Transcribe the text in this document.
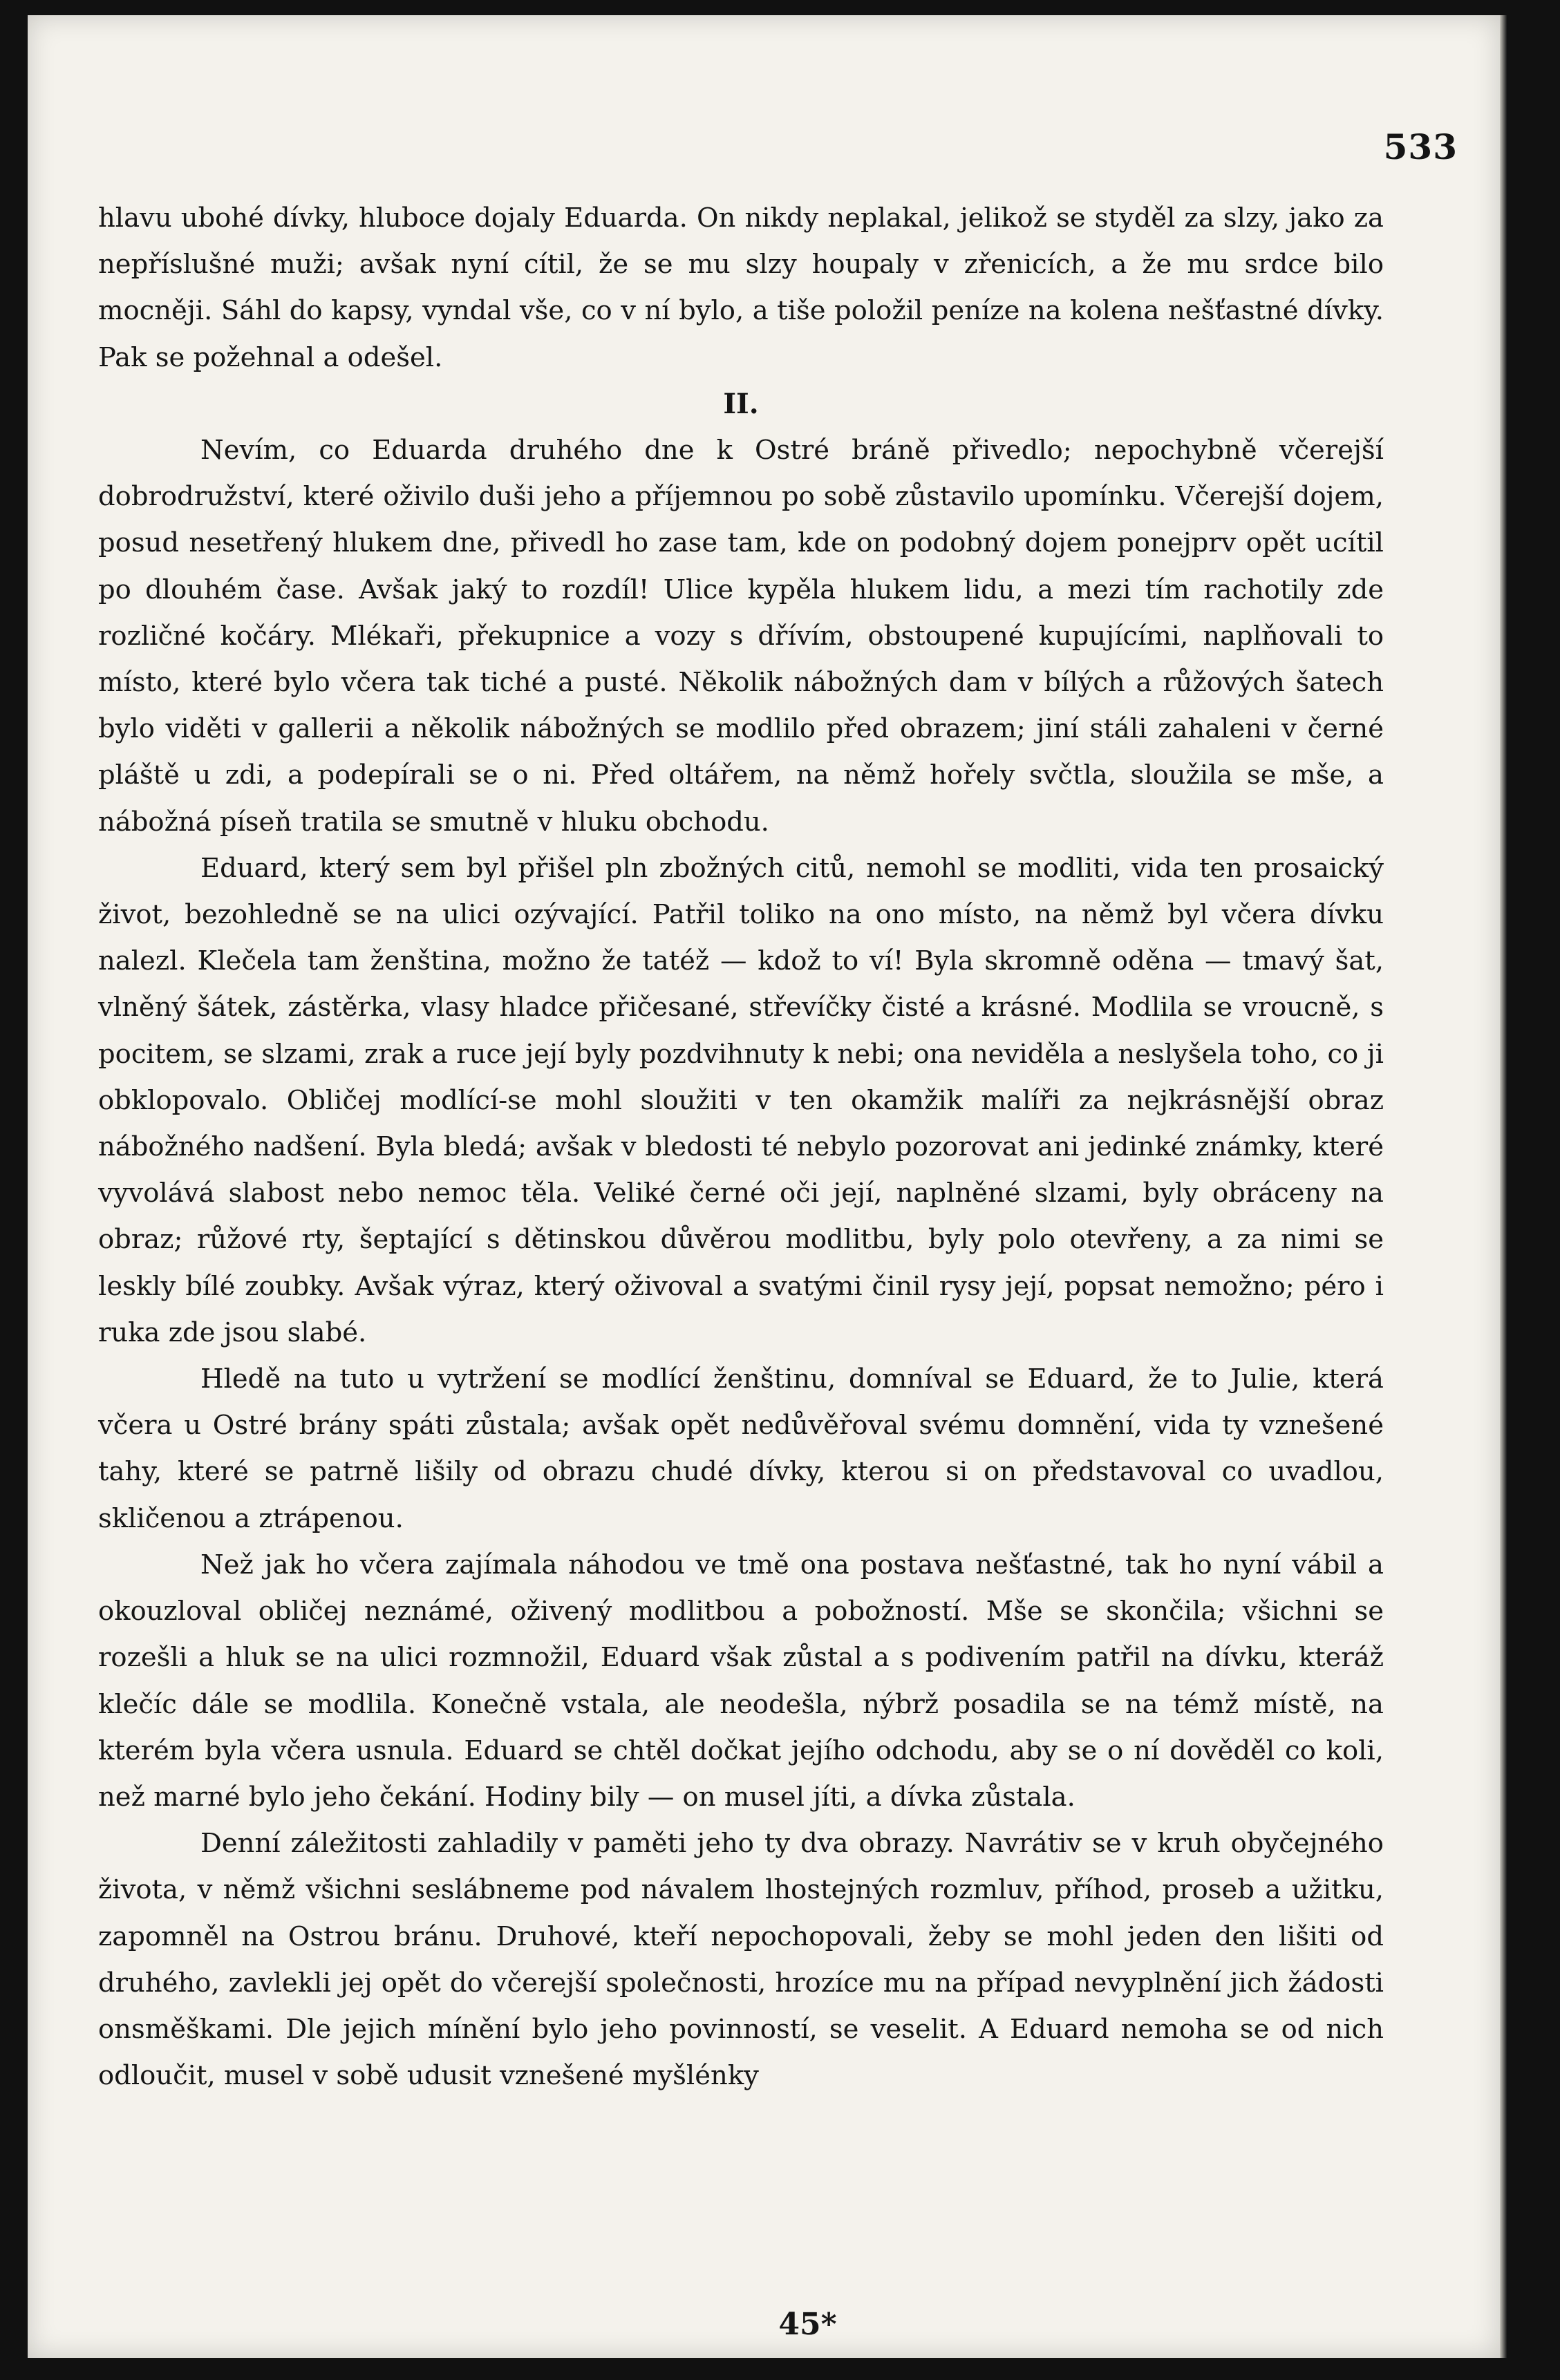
533

hlavu ubohé dívky, hluboce dojaly Eduarda. On nikdy neplakal, jelikož se styděl za slzy, jako za nepříslušné muži; avšak nyní cítil, že se mu slzy houpaly v zřenicích, a že mu srdce bilo mocněji. Sáhl do kapsy, vyndal vše, co v ní bylo, a tiše položil peníze na kolena nešťastné dívky. Pak se požehnal a odešel.

II.

Nevím, co Eduarda druhého dne k Ostré bráně přivedlo; nepochybně včerejší dobrodružství, které oživilo duši jeho a příjemnou po sobě zůstavilo upomínku. Včerejší dojem, posud nesetřený hlukem dne, přivedl ho zase tam, kde on podobný dojem ponejprv opět ucítil po dlouhém čase. Avšak jaký to rozdíl! Ulice kypěla hlukem lidu, a mezi tím rachotily zde rozličné kočáry. Mlékaři, překupnice a vozy s dřívím, obstoupené kupujícími, naplňovali to místo, které bylo včera tak tiché a pusté. Několik nábožných dam v bílých a růžových šatech bylo viděti v gallerii a několik nábožných se modlilo před obrazem; jiní stáli zahaleni v černé pláště u zdi, a podepírali se o ni. Před oltářem, na němž hořely svčtla, sloužila se mše, a nábožná píseň tratila se smutně v hluku obchodu.

Eduard, který sem byl přišel pln zbožných citů, nemohl se modliti, vida ten prosaický život, bezohledně se na ulici ozývající. Patřil toliko na ono místo, na němž byl včera dívku nalezl. Klečela tam ženština, možno že tatéž — kdož to ví! Byla skromně oděna — tmavý šat, vlněný šátek, zástěrka, vlasy hladce přičesané, střevíčky čisté a krásné. Modlila se vroucně, s pocitem, se slzami, zrak a ruce její byly pozdvihnuty k nebi; ona neviděla a neslyšela toho, co ji obklopovalo. Obličej modlící-se mohl sloužiti v ten okamžik malíři za nejkrásnější obraz nábožného nadšení. Byla bledá; avšak v bledosti té nebylo pozorovat ani jedinké známky, které vyvolává slabost nebo nemoc těla. Veliké černé oči její, naplněné slzami, byly obráceny na obraz; růžové rty, šeptající s dětinskou důvěrou modlitbu, byly polo otevřeny, a za nimi se leskly bílé zoubky. Avšak výraz, který oživoval a svatými činil rysy její, popsat nemožno; péro i ruka zde jsou slabé.

Hledě na tuto u vytržení se modlící ženštinu, domníval se Eduard, že to Julie, která včera u Ostré brány spáti zůstala; avšak opět nedůvěřoval svému domnění, vida ty vznešené tahy, které se patrně lišily od obrazu chudé dívky, kterou si on představoval co uvadlou, skličenou a ztrápenou.

Než jak ho včera zajímala náhodou ve tmě ona postava nešťastné, tak ho nyní vábil a okouzloval obličej neznámé, oživený modlitbou a pobožností. Mše se skončila; všichni se rozešli a hluk se na ulici rozmnožil, Eduard však zůstal a s podivením patřil na dívku, kteráž klečíc dále se modlila. Konečně vstala, ale neodešla, nýbrž posadila se na témž místě, na kterém byla včera usnula. Eduard se chtěl dočkat jejího odchodu, aby se o ní dověděl co koli, než marné bylo jeho čekání. Hodiny bily — on musel jíti, a dívka zůstala.

Denní záležitosti zahladily v paměti jeho ty dva obrazy. Navrátiv se v kruh obyčejného života, v němž všichni seslábneme pod návalem lhostejných rozmluv, příhod, proseb a užitku, zapomněl na Ostrou bránu. Druhové, kteří nepochopovali, žeby se mohl jeden den lišiti od druhého, zavlekli jej opět do včerejší společnosti, hrozíce mu na případ nevyplnění jich žádosti onsměškami. Dle jejich mínění bylo jeho povinností, se veselit. A Eduard nemoha se od nich odloučit, musel v sobě udusit vznešené myšlénky

45*
